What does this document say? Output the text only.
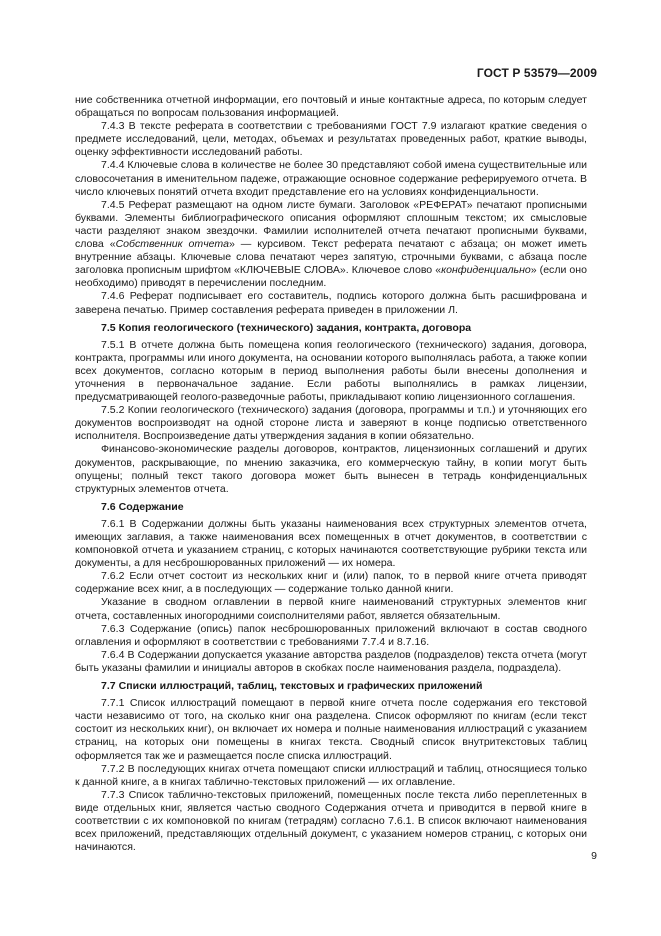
ГОСТ Р 53579—2009

ние собственника отчетной информации, его почтовый и иные контактные адреса, по которым следует обращаться по вопросам пользования информацией.

7.4.3 В тексте реферата в соответствии с требованиями ГОСТ 7.9 излагают краткие сведения о предмете исследований, цели, методах, объемах и результатах проведенных работ, краткие выводы, оценку эффективности исследований работы.

7.4.4 Ключевые слова в количестве не более 30 представляют собой имена существительные или словосочетания в именительном падеже, отражающие основное содержание реферируемого отчета. В число ключевых понятий отчета входит представление его на условиях конфиденциальности.

7.4.5 Реферат размещают на одном листе бумаги. Заголовок «РЕФЕРАТ» печатают прописными буквами. Элементы библиографического описания оформляют сплошным текстом; их смысловые части разделяют знаком звездочки. Фамилии исполнителей отчета печатают прописными буквами, слова «Собственник отчета» — курсивом. Текст реферата печатают с абзаца; он может иметь внутренние абзацы. Ключевые слова печатают через запятую, строчными буквами, с абзаца после заголовка прописным шрифтом «КЛЮЧЕВЫЕ СЛОВА». Ключевое слово «конфиденциально» (если оно необходимо) приводят в перечислении последним.

7.4.6 Реферат подписывает его составитель, подпись которого должна быть расшифрована и заверена печатью. Пример составления реферата приведен в приложении Л.

7.5 Копия геологического (технического) задания, контракта, договора

7.5.1 В отчете должна быть помещена копия геологического (технического) задания, договора, контракта, программы или иного документа, на основании которого выполнялась работа, а также копии всех документов, согласно которым в период выполнения работы были внесены дополнения и уточнения в первоначальное задание. Если работы выполнялись в рамках лицензии, предусматривающей геолого-разведочные работы, прикладывают копию лицензионного соглашения.

7.5.2 Копии геологического (технического) задания (договора, программы и т.п.) и уточняющих его документов воспроизводят на одной стороне листа и заверяют в конце подписью ответственного исполнителя. Воспроизведение даты утверждения задания в копии обязательно.

Финансово-экономические разделы договоров, контрактов, лицензионных соглашений и других документов, раскрывающие, по мнению заказчика, его коммерческую тайну, в копии могут быть опущены; полный текст такого договора может быть вынесен в тетрадь конфиденциальных структурных элементов отчета.

7.6 Содержание

7.6.1 В Содержании должны быть указаны наименования всех структурных элементов отчета, имеющих заглавия, а также наименования всех помещенных в отчет документов, в соответствии с компоновкой отчета и указанием страниц, с которых начинаются соответствующие рубрики текста или документы, а для несброшюрованных приложений — их номера.

7.6.2 Если отчет состоит из нескольких книг и (или) папок, то в первой книге отчета приводят содержание всех книг, а в последующих — содержание только данной книги.

Указание в сводном оглавлении в первой книге наименований структурных элементов книг отчета, составленных иногородними соисполнителями работ, является обязательным.

7.6.3 Содержание (опись) папок несброшюрованных приложений включают в состав сводного оглавления и оформляют в соответствии с требованиями 7.7.4 и 8.7.16.

7.6.4 В Содержании допускается указание авторства разделов (подразделов) текста отчета (могут быть указаны фамилии и инициалы авторов в скобках после наименования раздела, подраздела).

7.7 Списки иллюстраций, таблиц, текстовых и графических приложений

7.7.1 Список иллюстраций помещают в первой книге отчета после содержания его текстовой части независимо от того, на сколько книг она разделена. Список оформляют по книгам (если текст состоит из нескольких книг), он включает их номера и полные наименования иллюстраций с указанием страниц, на которых они помещены в книгах текста. Сводный список внутритекстовых таблиц оформляется так же и размещается после списка иллюстраций.

7.7.2 В последующих книгах отчета помещают списки иллюстраций и таблиц, относящиеся только к данной книге, а в книгах таблично-текстовых приложений — их оглавление.

7.7.3 Список таблично-текстовых приложений, помещенных после текста либо переплетенных в виде отдельных книг, является частью сводного Содержания отчета и приводится в первой книге в соответствии с их компоновкой по книгам (тетрадям) согласно 7.6.1. В список включают наименования всех приложений, представляющих отдельный документ, с указанием номеров страниц, с которых они начинаются.

9
